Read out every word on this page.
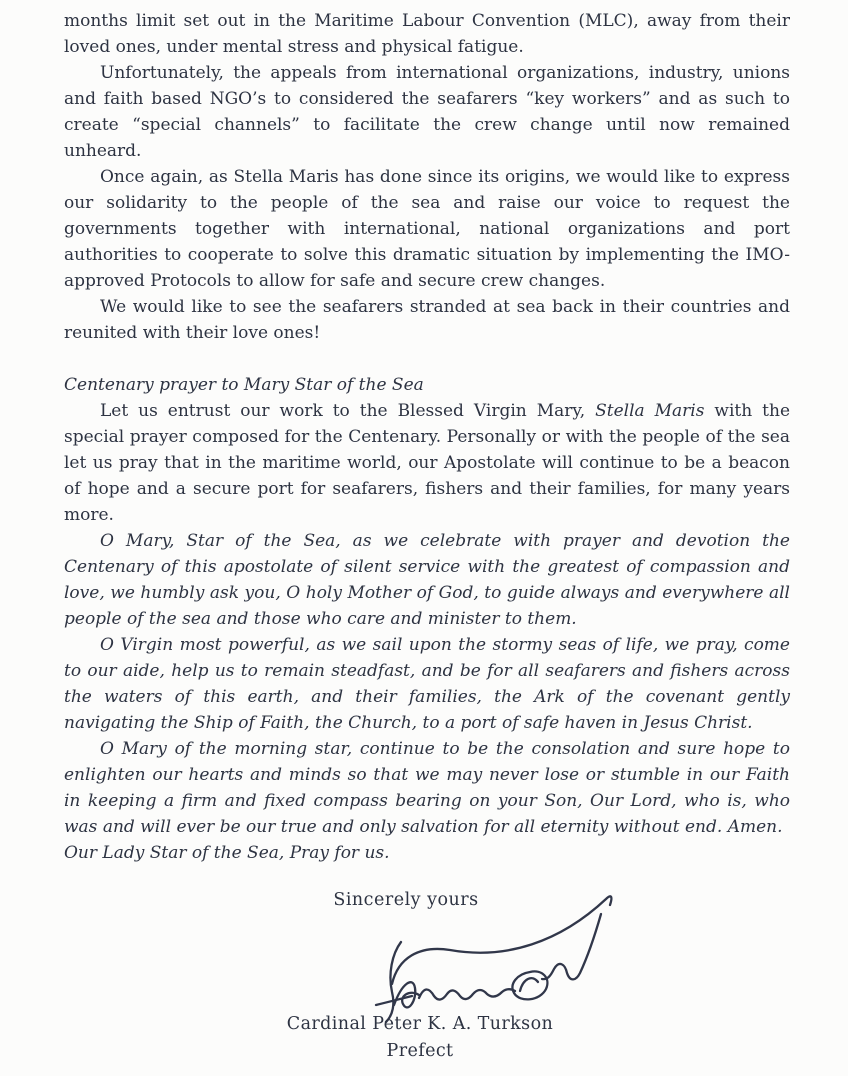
months limit set out in the Maritime Labour Convention (MLC), away from their loved ones, under mental stress and physical fatigue.

Unfortunately, the appeals from international organizations, industry, unions and faith based NGO’s to considered the seafarers “key workers” and as such to create “special channels” to facilitate the crew change until now remained unheard.

Once again, as Stella Maris has done since its origins, we would like to express our solidarity to the people of the sea and raise our voice to request the governments together with international, national organizations and port authorities to cooperate to solve this dramatic situation by implementing the IMO-approved Protocols to allow for safe and secure crew changes.

We would like to see the seafarers stranded at sea back in their countries and reunited with their love ones!

Centenary prayer to Mary Star of the Sea

Let us entrust our work to the Blessed Virgin Mary, Stella Maris with the special prayer composed for the Centenary. Personally or with the people of the sea let us pray that in the maritime world, our Apostolate will continue to be a beacon of hope and a secure port for seafarers, fishers and their families, for many years more.

O Mary, Star of the Sea, as we celebrate with prayer and devotion the Centenary of this apostolate of silent service with the greatest of compassion and love, we humbly ask you, O holy Mother of God, to guide always and everywhere all people of the sea and those who care and minister to them.

O Virgin most powerful, as we sail upon the stormy seas of life, we pray, come to our aide, help us to remain steadfast, and be for all seafarers and fishers across the waters of this earth, and their families, the Ark of the covenant gently navigating the Ship of Faith, the Church, to a port of safe haven in Jesus Christ.

O Mary of the morning star, continue to be the consolation and sure hope to enlighten our hearts and minds so that we may never lose or stumble in our Faith in keeping a firm and fixed compass bearing on your Son, Our Lord, who is, who was and will ever be our true and only salvation for all eternity without end. Amen.

Our Lady Star of the Sea, Pray for us.

Sincerely yours
Cardinal Peter K. A. Turkson
Prefect
